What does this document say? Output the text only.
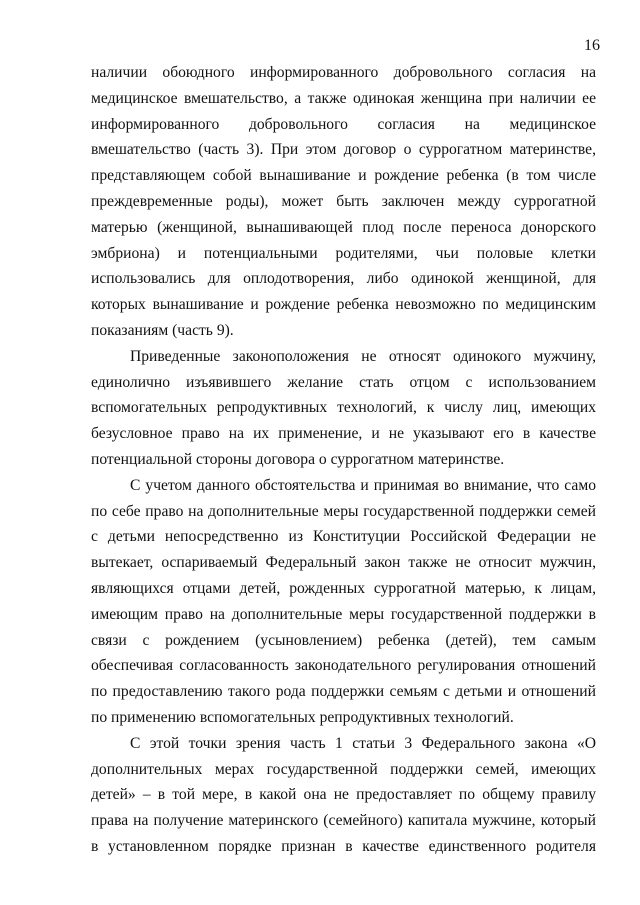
16

наличии обоюдного информированного добровольного согласия на
медицинское вмешательство, а также одинокая женщина при наличии ее
информированного добровольного согласия на медицинское
вмешательство (часть 3). При этом договор о суррогатном материнстве,
представляющем собой вынашивание и рождение ребенка (в том числе
преждевременные роды), может быть заключен между суррогатной
матерью (женщиной, вынашивающей плод после переноса донорского
эмбриона) и потенциальными родителями, чьи половые клетки
использовались для оплодотворения, либо одинокой женщиной, для
которых вынашивание и рождение ребенка невозможно по медицинским
показаниям (часть 9).

Приведенные законоположения не относят одинокого мужчину,
единолично изъявившего желание стать отцом с использованием
вспомогательных репродуктивных технологий, к числу лиц, имеющих
безусловное право на их применение, и не указывают его в качестве
потенциальной стороны договора о суррогатном материнстве.

С учетом данного обстоятельства и принимая во внимание, что само
по себе право на дополнительные меры государственной поддержки семей
с детьми непосредственно из Конституции Российской Федерации не
вытекает, оспариваемый Федеральный закон также не относит мужчин,
являющихся отцами детей, рожденных суррогатной матерью, к лицам,
имеющим право на дополнительные меры государственной поддержки в
связи с рождением (усыновлением) ребенка (детей), тем самым
обеспечивая согласованность законодательного регулирования отношений
по предоставлению такого рода поддержки семьям с детьми и отношений
по применению вспомогательных репродуктивных технологий.

С этой точки зрения часть 1 статьи 3 Федерального закона «О
дополнительных мерах государственной поддержки семей, имеющих
детей» – в той мере, в какой она не предоставляет по общему правилу
права на получение материнского (семейного) капитала мужчине, который
в установленном порядке признан в качестве единственного родителя
